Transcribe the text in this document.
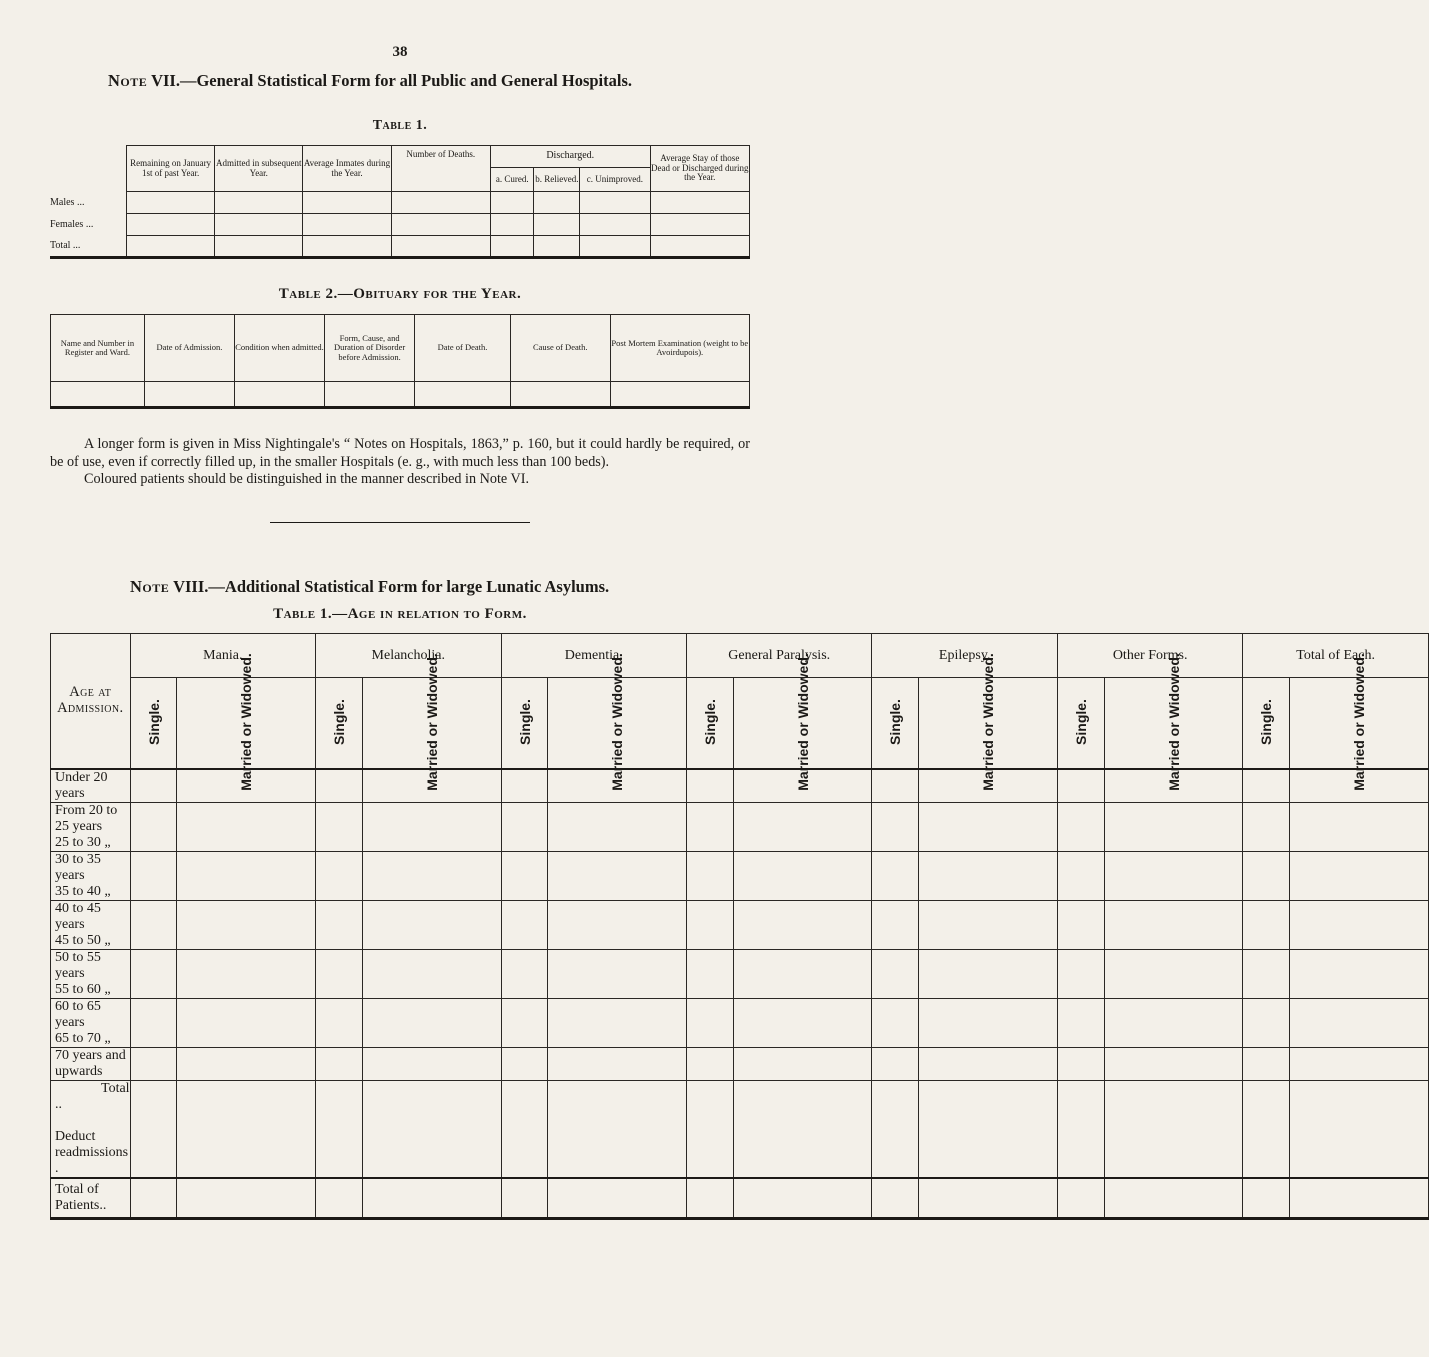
38
Note VII.—General Statistical Form for all Public and General Hospitals.
Table 1.
	Remaining on January 1st of past Year.	Admitted in subsequent Year.	Average Inmates during the Year.	Number of Deaths.	Discharged.			Average Stay of those Dead or Discharged during the Year.
					a. Cured.	b. Relieved.	c. Unimproved.	
Males ...								
Females ...								
Total ...								
Table 2.—Obituary for the Year.
Name and Number in Register and Ward.	Date of Admission.	Condition when admitted.	Form, Cause, and Duration of Disorder before Admission.	Date of Death.	Cause of Death.	Post Mortem Examination (weight to be Avoirdupois).

A longer form is given in Miss Nightingale's “ Notes on Hospitals, 1863,” p. 160, but it could hardly be required, or be of use, even if correctly filled up, in the smaller Hospitals (e. g., with much less than 100 beds).

Coloured patients should be distinguished in the manner described in Note VI.

Note VIII.—Additional Statistical Form for large Lunatic Asylums.
Table 1.—Age in relation to Form.
Age at Admission.	Mania.		Melancholia.		Dementia.		General Paralysis.		Epilepsy.		Other Forms.		Total of Each.	
	Single.	Married or Widowed.	Single.	Married or Widowed.	Single.	Married or Widowed.	Single.	Married or Widowed.	Single.	Married or Widowed.	Single.	Married or Widowed.	Single.	Married or Widowed.
Under 20 years														
From 20 to 25 years
25 to 30 „														
30 to 35 years
35 to 40 „														
40 to 45 years
45 to 50 „														
50 to 55 years
55 to 60 „														
60 to 65 years
65 to 70 „														
70 years and upwards														
Total ..

Deduct readmissions .														
Total of Patients..														
